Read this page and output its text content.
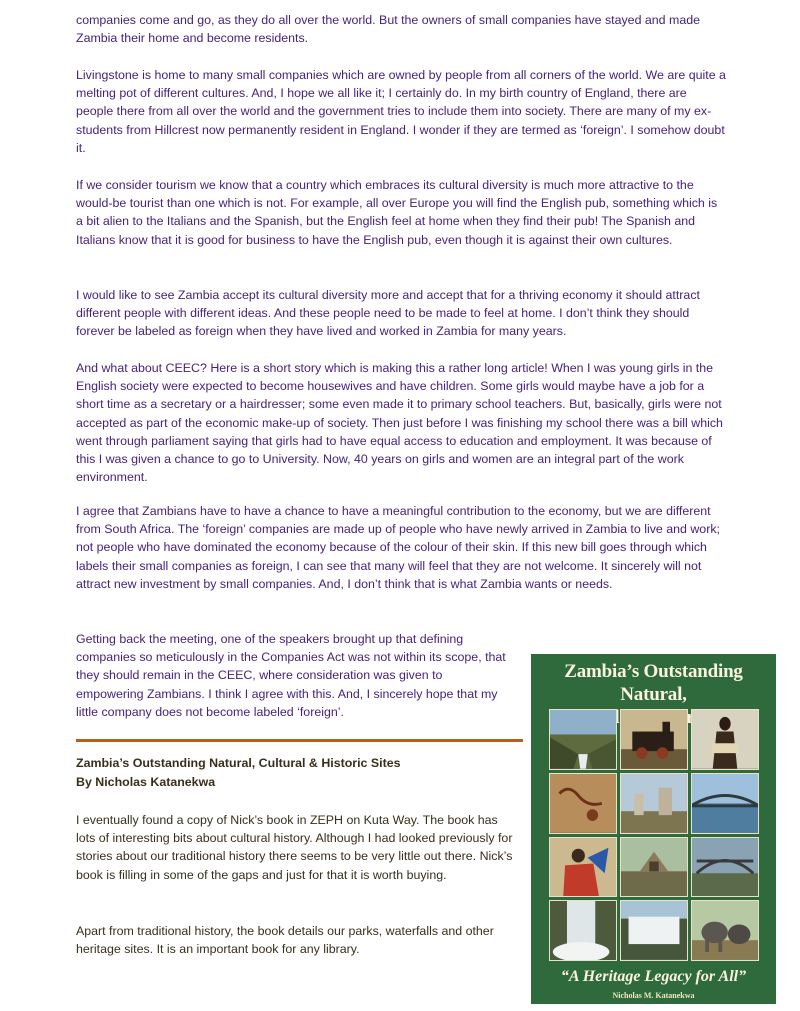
companies come and go, as they do all over the world. But the owners of small companies have stayed and made Zambia their home and become residents.

Livingstone is home to many small companies which are owned by people from all corners of the world. We are quite a melting pot of different cultures. And, I hope we all like it; I certainly do. In my birth country of England, there are people there from all over the world and the government tries to include them into society. There are many of my ex-students from Hillcrest now permanently resident in England. I wonder if they are termed as ‘foreign’. I somehow doubt it.

If we consider tourism we know that a country which embraces its cultural diversity is much more attractive to the would-be tourist than one which is not. For example, all over Europe you will find the English pub, something which is a bit alien to the Italians and the Spanish, but the English feel at home when they find their pub! The Spanish and Italians know that it is good for business to have the English pub, even though it is against their own cultures.

I would like to see Zambia accept its cultural diversity more and accept that for a thriving economy it should attract different people with different ideas. And these people need to be made to feel at home. I don’t think they should forever be labeled as foreign when they have lived and worked in Zambia for many years.

And what about CEEC? Here is a short story which is making this a rather long article! When I was young girls in the English society were expected to become housewives and have children. Some girls would maybe have a job for a short time as a secretary or a hairdresser; some even made it to primary school teachers. But, basically, girls were not accepted as part of the economic make-up of society. Then just before I was finishing my school there was a bill which went through parliament saying that girls had to have equal access to education and employment. It was because of this I was given a chance to go to University. Now, 40 years on girls and women are an integral part of the work environment.

I agree that Zambians have to have a chance to have a meaningful contribution to the economy, but we are different from South Africa. The ‘foreign’ companies are made up of people who have newly arrived in Zambia to live and work; not people who have dominated the economy because of the colour of their skin. If this new bill goes through which labels their small companies as foreign, I can see that many will feel that they are not welcome. It sincerely will not attract new investment by small companies. And, I don’t think that is what Zambia wants or needs.

Getting back the meeting, one of the speakers brought up that defining companies so meticulously in the Companies Act was not within its scope, that they should remain in the CEEC, where consideration was given to empowering Zambians. I think I agree with this. And, I sincerely hope that my little company does not become labeled ‘foreign’.

Zambia’s Outstanding Natural, Cultural & Historic Sites
By Nicholas Katanekwa

I eventually found a copy of Nick’s book in ZEPH on Kuta Way. The book has lots of interesting bits about cultural history. Although I had looked previously for stories about our traditional history there seems to be very little out there. Nick’s book is filling in some of the gaps and just for that it is worth buying.

Apart from traditional history, the book details our parks, waterfalls and other heritage sites. It is an important book for any library.

Zambia’s Outstanding Natural,

“A Heritage Legacy for All”

Nicholas M. Katanekwa
